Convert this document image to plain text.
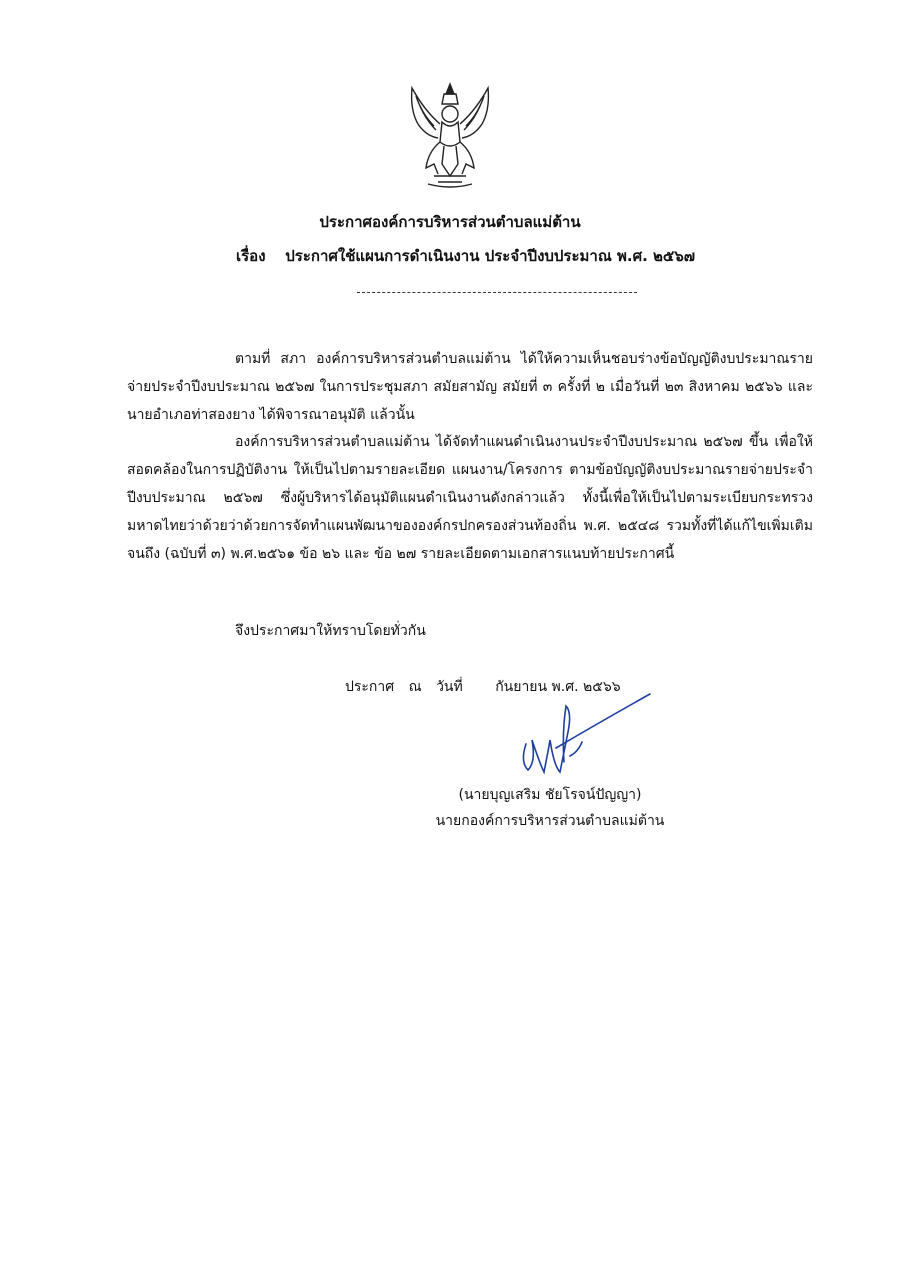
ประกาศองค์การบริหารส่วนตำบลแม่ต้าน
เรื่อง ประกาศใช้แผนการดำเนินงาน ประจำปีงบประมาณ พ.ศ. ๒๕๖๗

ตามที่ สภา องค์การบริหารส่วนตำบลแม่ต้าน ได้ให้ความเห็นชอบร่างข้อบัญญัติงบประมาณรายจ่ายประจำปีงบประมาณ ๒๕๖๗ ในการประชุมสภา สมัยสามัญ สมัยที่ ๓ ครั้งที่ ๒ เมื่อวันที่ ๒๓ สิงหาคม ๒๕๖๖ และนายอำเภอท่าสองยาง ได้พิจารณาอนุมัติ แล้วนั้น

องค์การบริหารส่วนตำบลแม่ต้าน ได้จัดทำแผนดำเนินงานประจำปีงบประมาณ ๒๕๖๗ ขึ้น เพื่อให้สอดคล้องในการปฏิบัติงาน ให้เป็นไปตามรายละเอียด แผนงาน/โครงการ ตามข้อบัญญัติงบประมาณรายจ่ายประจำปีงบประมาณ ๒๕๖๗ ซึ่งผู้บริหารได้อนุมัติแผนดำเนินงานดังกล่าวแล้ว ทั้งนี้เพื่อให้เป็นไปตามระเบียบกระทรวงมหาดไทยว่าด้วยว่าด้วยการจัดทำแผนพัฒนาขององค์กรปกครองส่วนท้องถิ่น พ.ศ. ๒๕๔๘ รวมทั้งที่ได้แก้ไขเพิ่มเติมจนถึง (ฉบับที่ ๓) พ.ศ.๒๕๖๑ ข้อ ๒๖ และ ข้อ ๒๗ รายละเอียดตามเอกสารแนบท้ายประกาศนี้

จึงประกาศมาให้ทราบโดยทั่วกัน
ประกาศ ณ วันที่ กันยายน พ.ศ. ๒๕๖๖
(นายบุญเสริม ชัยโรจน์ปัญญา)
นายกองค์การบริหารส่วนตำบลแม่ต้าน
